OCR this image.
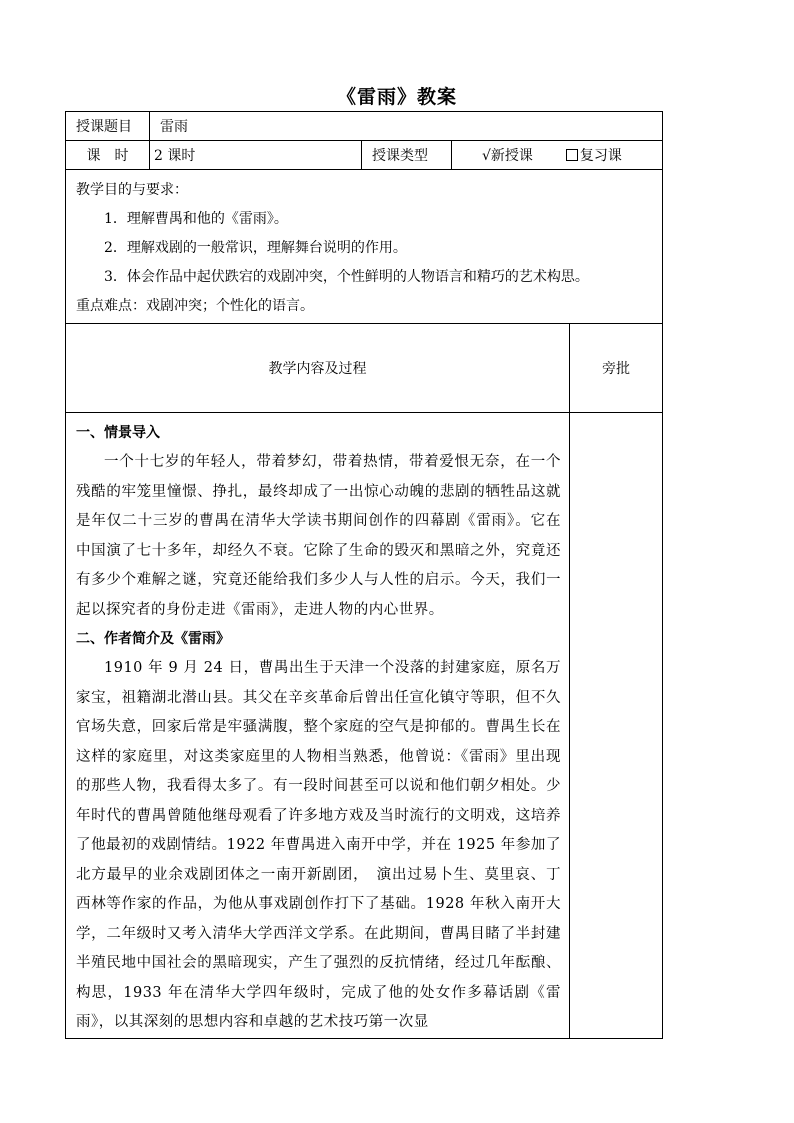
《雷雨》教案
授课题目	雷雨			
课　时	2 课时	授课类型	√新授课 复习课	

教学目的与要求：

1．理解曹禺和他的《雷雨》。

2．理解戏剧的一般常识，理解舞台说明的作用。

3．体会作品中起伏跌宕的戏剧冲突，个性鲜明的人物语言和精巧的艺术构思。

重点难点：戏剧冲突；个性化的语言。				

教学内容及过程				旁批

一、情景导入

一个十七岁的年轻人，带着梦幻，带着热情，带着爱恨无奈，在一个残酷的牢笼里憧憬、挣扎，最终却成了一出惊心动魄的悲剧的牺牲品这就是年仅二十三岁的曹禺在清华大学读书期间创作的四幕剧《雷雨》。它在中国演了七十多年，却经久不衰。它除了生命的毁灭和黑暗之外，究竟还有多少个难解之谜，究竟还能给我们多少人与人性的启示。今天，我们一起以探究者的身份走进《雷雨》，走进人物的内心世界。

二、作者简介及《雷雨》

1910 年 9 月 24 日，曹禺出生于天津一个没落的封建家庭，原名万家宝，祖籍湖北潜山县。其父在辛亥革命后曾出任宣化镇守等职，但不久官场失意，回家后常是牢骚满腹，整个家庭的空气是抑郁的。曹禺生长在这样的家庭里，对这类家庭里的人物相当熟悉，他曾说：《雷雨》里出现的那些人物，我看得太多了。有一段时间甚至可以说和他们朝夕相处。少年时代的曹禺曾随他继母观看了许多地方戏及当时流行的文明戏，这培养了他最初的戏剧情结。1922 年曹禺进入南开中学，并在 1925 年参加了北方最早的业余戏剧团体之一南开新剧团，　演出过易卜生、莫里哀、丁西林等作家的作品，为他从事戏剧创作打下了基础。1928 年秋入南开大学，二年级时又考入清华大学西洋文学系。在此期间，曹禺目睹了半封建半殖民地中国社会的黑暗现实，产生了强烈的反抗情绪，经过几年酝酿、构思，1933 年在清华大学四年级时，完成了他的处女作多幕话剧《雷雨》，以其深刻的思想内容和卓越的艺术技巧第一次显				
